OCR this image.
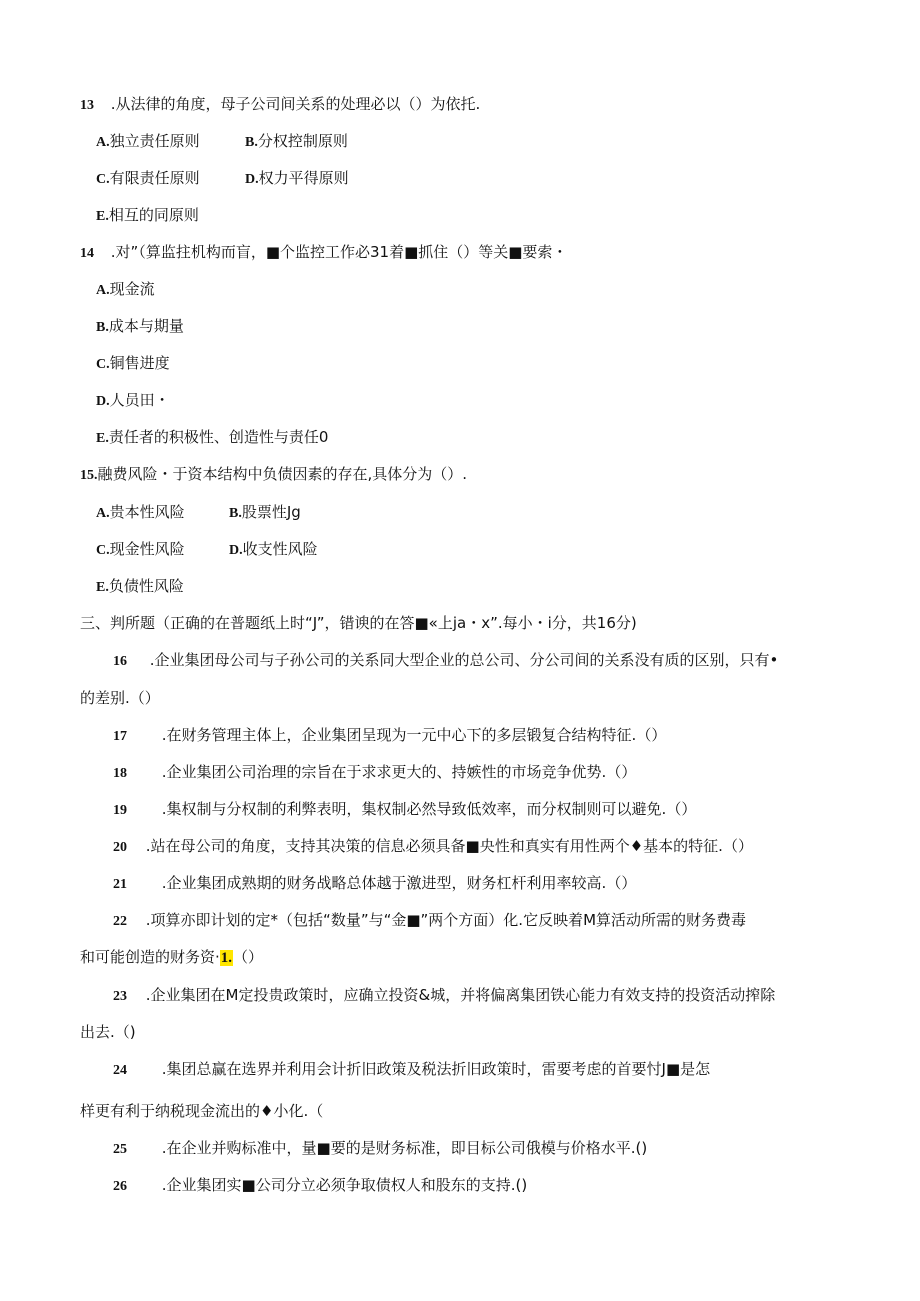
13 .从法律的角度，母子公司间关系的处理必以（）为依托.
A.独立责任原则	B.分权控制原则
C.有限责任原则	D.权力平得原则
E.相互的同原则
14 .对”（算监拄机构而盲，■个监控工作必31着■抓住（）等关■要索・
A.现金流
B.成本与期量
C.铜售进度
D.人员田・
E.责任者的积极性、创造性与责任0
15.融费风险・于资本结构中负债因素的存在,具体分为（）.
A.贵本性风险	B.股票性Jg
C.现金性风险	D.收支性风险
E.负债性风险
三、判所题（正确的在普题纸上时“J”，错谀的在答■«上ja・x”.每小・i分，共16分)
16 .企业集团母公司与子孙公司的关系同大型企业的总公司、分公司间的关系没有质的区别，只有•
的差别.（）
17 .在财务管理主体上，企业集团呈现为一元中心下的多层锻复合结构特征.（）
18 .企业集团公司治理的宗旨在于求求更大的、持嫉性的市场竞争优势.（）
19 .集权制与分权制的利弊表明，集权制必然导致低效率，而分权制则可以避免.（）
20 .站在母公司的角度，支持其决策的信息必须具备■央性和真实有用性两个♦基本的特征.（）
21 .企业集团成熟期的财务战略总体越于激进型，财务杠杆利用率较高.（）
22 .项算亦即计划的定*（包括“数量”与“金■”两个方面）化.它反映着M算活动所需的财务费毒
和可能创造的财务资·1.（）
23 .企业集团在M定投贵政策时，应确立投资&城，并将偏离集团铁心能力有效支持的投资活动搾除
出去.（)
24 .集团总赢在选界并利用会计折旧政策及税法折旧政策时，雷要考虑的首要忖J■是怎
样更有利于纳税现金流出的♦小化.（
25 .在企业并购标准中，量■要的是财务标准，即目标公司俄模与价格水平.()
26 .企业集团实■公司分立必须争取债权人和股东的支持.()
